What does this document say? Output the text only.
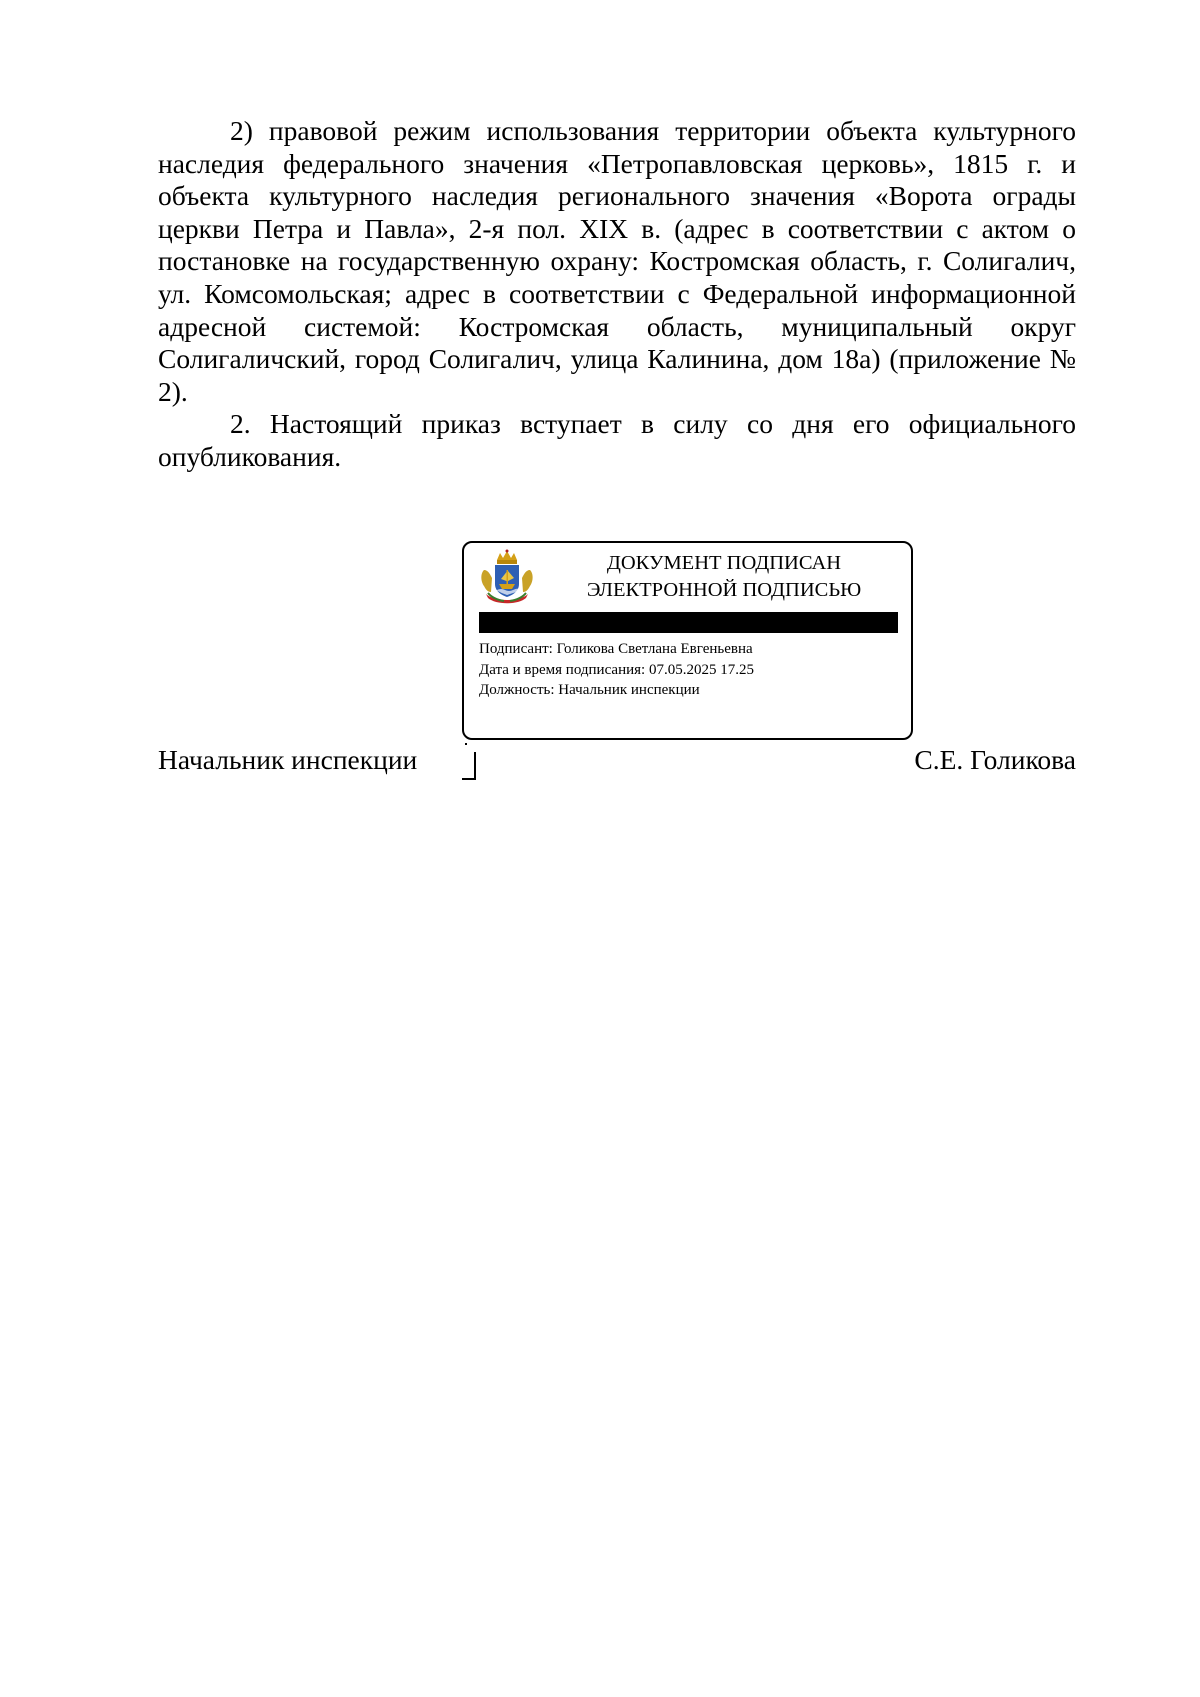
2) правовой режим использования территории объекта культурного наследия федерального значения «Петропавловская церковь», 1815 г. и объекта культурного наследия регионального значения «Ворота ограды церкви Петра и Павла», 2-я пол. XIX в. (адрес в соответствии с актом о постановке на государственную охрану: Костромская область, г. Солигалич, ул. Комсомольская; адрес в соответствии с Федеральной информационной адресной системой: Костромская область, муниципальный округ Солигаличский, город Солигалич, улица Калинина, дом 18а) (приложение № 2).

2. Настоящий приказ вступает в силу со дня его официального опубликования.

ДОКУМЕНТ ПОДПИСАН
ЭЛЕКТРОННОЙ ПОДПИСЬЮ
Подписант: Голикова Светлана Евгеньевна
Дата и время подписания: 07.05.2025 17.25
Должность: Начальник инспекции
Начальник инспекции	С.Е. Голикова
